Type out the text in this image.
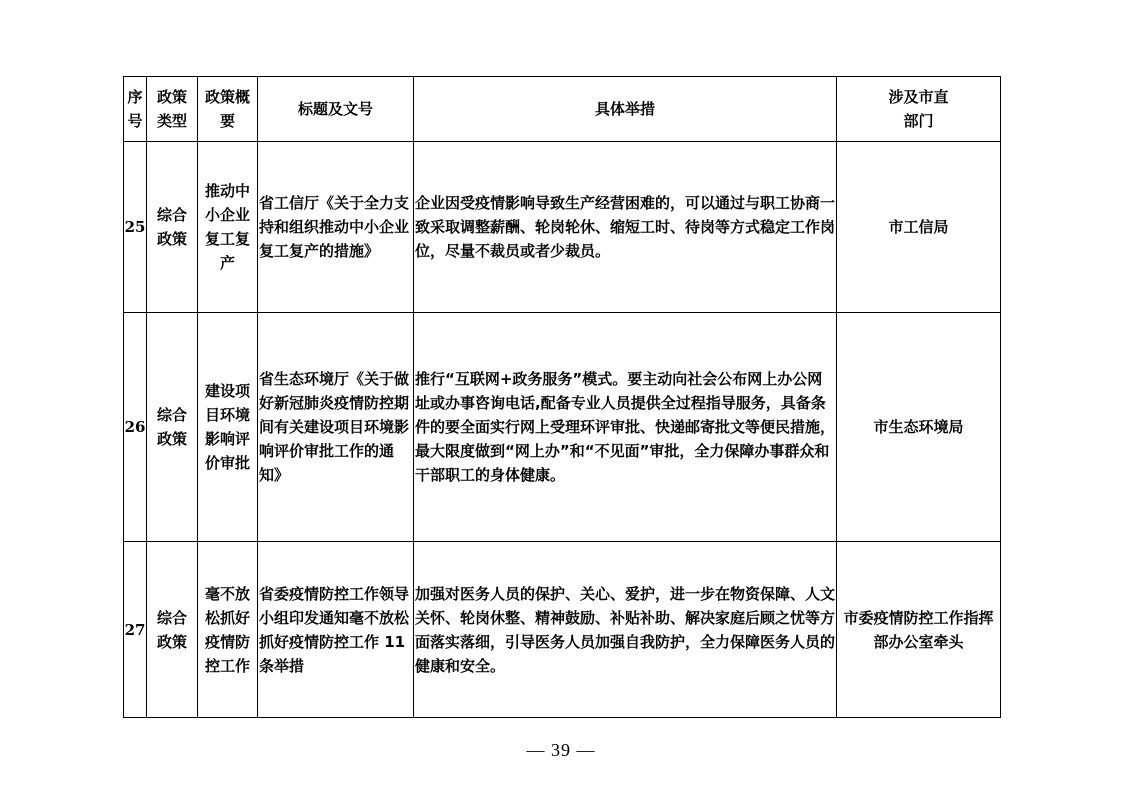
序号	政策类型	政策概要	标题及文号	具体举措	涉及市直部门
25	综合政策	推动中小企业复工复产	省工信厅《关于全力支持和组织推动中小企业复工复产的措施》	企业因受疫情影响导致生产经营困难的，可以通过与职工协商一致采取调整薪酬、轮岗轮休、缩短工时、待岗等方式稳定工作岗位，尽量不裁员或者少裁员。	市工信局
26	综合政策	建设项目环境影响评价审批	省生态环境厅《关于做好新冠肺炎疫情防控期间有关建设项目环境影响评价审批工作的通知》	推行“互联网+政务服务”模式。要主动向社会公布网上办公网址或办事咨询电话,配备专业人员提供全过程指导服务，具备条件的要全面实行网上受理环评审批、快递邮寄批文等便民措施，最大限度做到“网上办”和“不见面”审批，全力保障办事群众和干部职工的身体健康。	市生态环境局
27	综合政策	毫不放松抓好疫情防控工作	省委疫情防控工作领导小组印发通知毫不放松抓好疫情防控工作 11 条举措	加强对医务人员的保护、关心、爱护，进一步在物资保障、人文关怀、轮岗休整、精神鼓励、补贴补助、解决家庭后顾之忧等方面落实落细，引导医务人员加强自我防护，全力保障医务人员的健康和安全。	市委疫情防控工作指挥部办公室牵头
— 39 —
